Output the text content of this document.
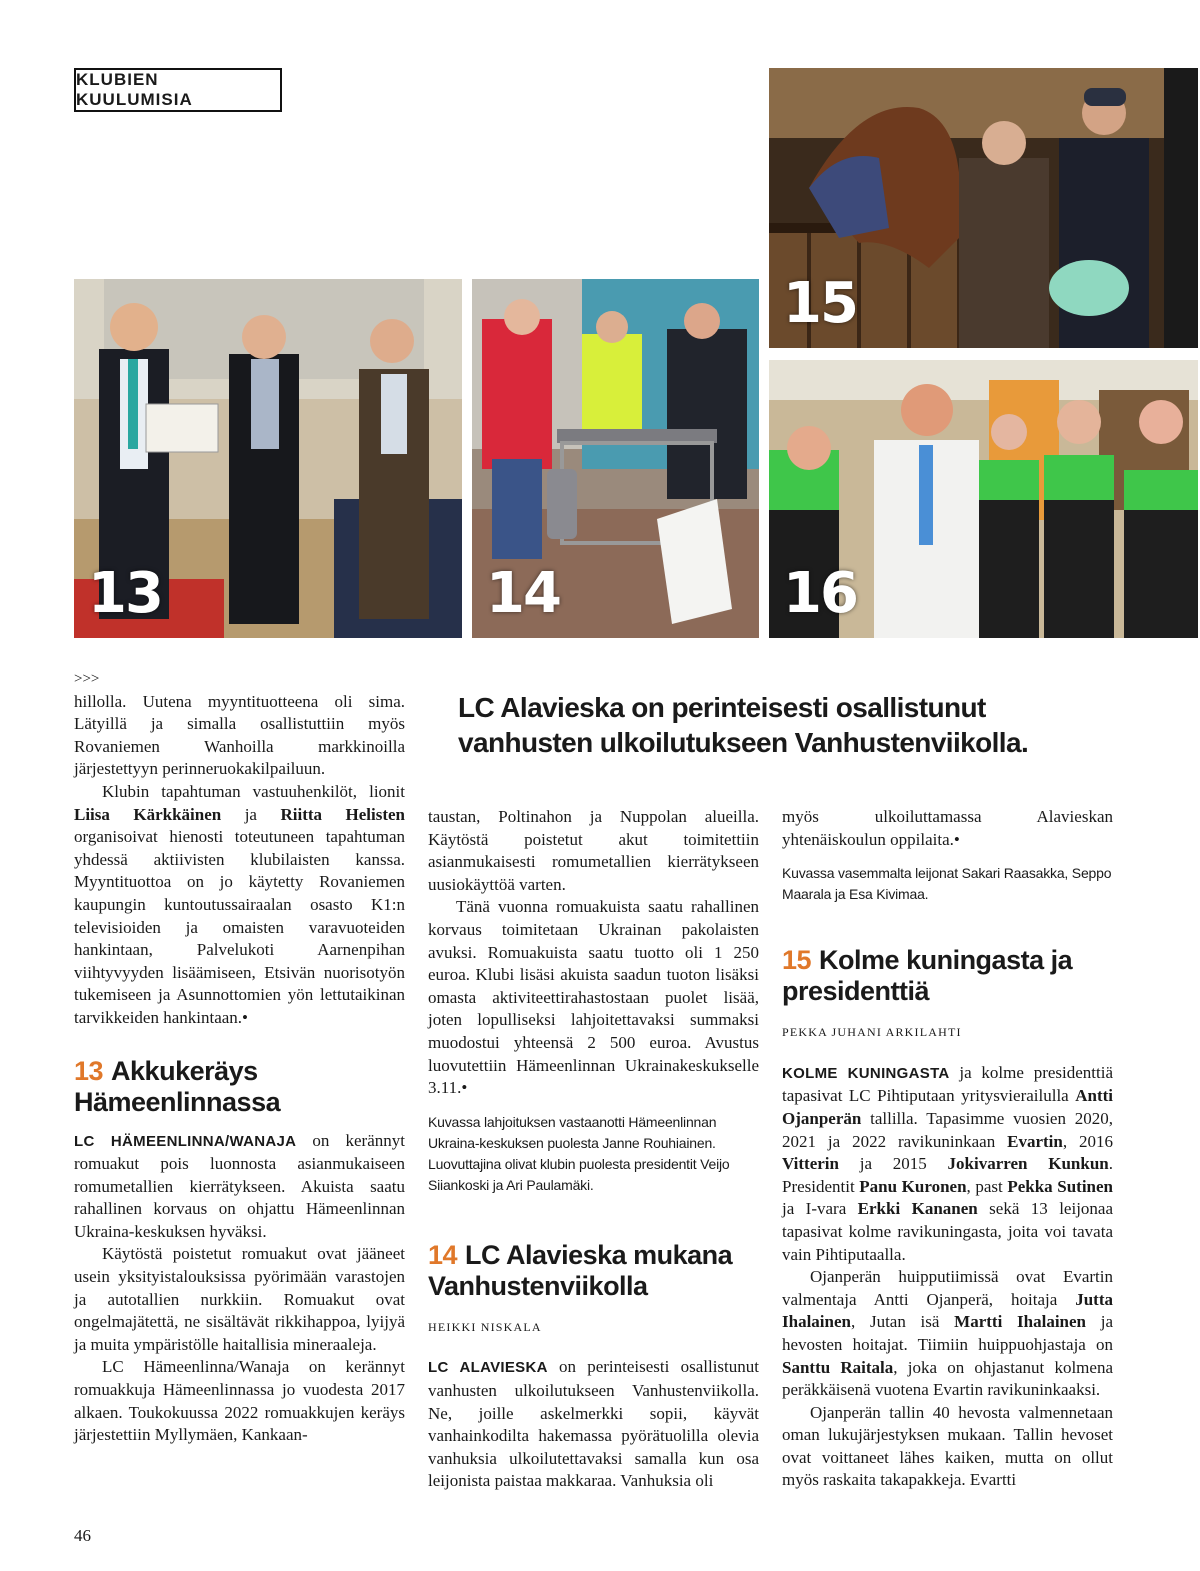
KLUBIEN KUULUMISIA
15
13	14	16
LC Alavieska on perinteisesti osallistunut vanhusten ulkoilutukseen Vanhustenviikolla.
>>>

hillolla. Uutena myyntituotteena oli sima. Lätyillä ja simalla osallistuttiin myös Rovaniemen Wanhoilla markkinoilla järjestettyyn perinneruokakilpailuun.

Klubin tapahtuman vastuuhenkilöt, lionit Liisa Kärkkäinen ja Riitta Helisten organisoivat hienosti toteutuneen tapahtuman yhdessä aktiivisten klubilaisten kanssa. Myyntituottoa on jo käytetty Rovaniemen kaupungin kuntoutussairaalan osasto K1:n televisioiden ja omaisten varavuoteiden hankintaan, Palvelukoti Aarnenpihan viihtyvyyden lisäämiseen, Etsivän nuorisotyön tukemiseen ja Asunnottomien yön lettutaikinan tarvikkeiden hankintaan.•

13 Akkukeräys Hämeenlinnassa

LC HÄMEENLINNA/WANAJA on kerännyt romuakut pois luonnosta asianmukaiseen romumetallien kierrätykseen. Akuista saatu rahallinen korvaus on ohjattu Hämeenlinnan Ukraina-keskuksen hyväksi.

Käytöstä poistetut romuakut ovat jääneet usein yksityistalouksissa pyörimään varastojen ja autotallien nurkkiin. Romuakut ovat ongelmajätettä, ne sisältävät rikkihappoa, lyijyä ja muita ympäristölle haitallisia mineraaleja.

LC Hämeenlinna/Wanaja on kerännyt romuakkuja Hämeenlinnassa jo vuodesta 2017 alkaen. Toukokuussa 2022 romuakkujen keräys järjestettiin Myllymäen, Kankaan-

taustan, Poltinahon ja Nuppolan alueilla. Käytöstä poistetut akut toimitettiin asianmukaisesti romumetallien kierrätykseen uusiokäyttöä varten.

Tänä vuonna romuakuista saatu rahallinen korvaus toimitetaan Ukrainan pakolaisten avuksi. Romuakuista saatu tuotto oli 1 250 euroa. Klubi lisäsi akuista saadun tuoton lisäksi omasta aktiviteettirahastostaan puolet lisää, joten lopulliseksi lahjoitettavaksi summaksi muodostui yhteensä 2 500 euroa. Avustus luovutettiin Hämeenlinnan Ukrainakeskukselle 3.11.•

Kuvassa lahjoituksen vastaanotti Hämeenlinnan Ukraina-keskuksen puolesta Janne Rouhiainen. Luovuttajina olivat klubin puolesta presidentit Veijo Siiankoski ja Ari Paulamäki.
14 LC Alavieska mukana Vanhustenviikolla
HEIKKI NISKALA

LC ALAVIESKA on perinteisesti osallistunut vanhusten ulkoilutukseen Vanhustenviikolla. Ne, joille askelmerkki sopii, käyvät vanhainkodilta hakemassa pyörätuolilla olevia vanhuksia ulkoilutettavaksi samalla kun osa leijonista paistaa makkaraa. Vanhuksia oli

myös ulkoiluttamassa Alavieskan yhtenäiskoulun oppilaita.•

Kuvassa vasemmalta leijonat Sakari Raasakka, Seppo Maarala ja Esa Kivimaa.
15 Kolme kuningasta ja presidenttiä
PEKKA JUHANI ARKILAHTI

KOLME KUNINGASTA ja kolme presidenttiä tapasivat LC Pihtiputaan yritysvierailulla Antti Ojanperän tallilla. Tapasimme vuosien 2020, 2021 ja 2022 ravikuninkaan Evartin, 2016 Vitterin ja 2015 Jokivarren Kunkun. Presidentit Panu Kuronen, past Pekka Sutinen ja I-vara Erkki Kananen sekä 13 leijonaa tapasivat kolme ravikuningasta, joita voi tavata vain Pihtiputaalla.

Ojanperän huipputiimissä ovat Evartin valmentaja Antti Ojanperä, hoitaja Jutta Ihalainen, Jutan isä Martti Ihalainen ja hevosten hoitajat. Tiimiin huippuohjastaja on Santtu Raitala, joka on ohjastanut kolmena peräkkäisenä vuotena Evartin ravikuninkaaksi.

Ojanperän tallin 40 hevosta valmennetaan oman lukujärjestyksen mukaan. Tallin hevoset ovat voittaneet lähes kaiken, mutta on ollut myös raskaita takapakkeja. Evartti

46
